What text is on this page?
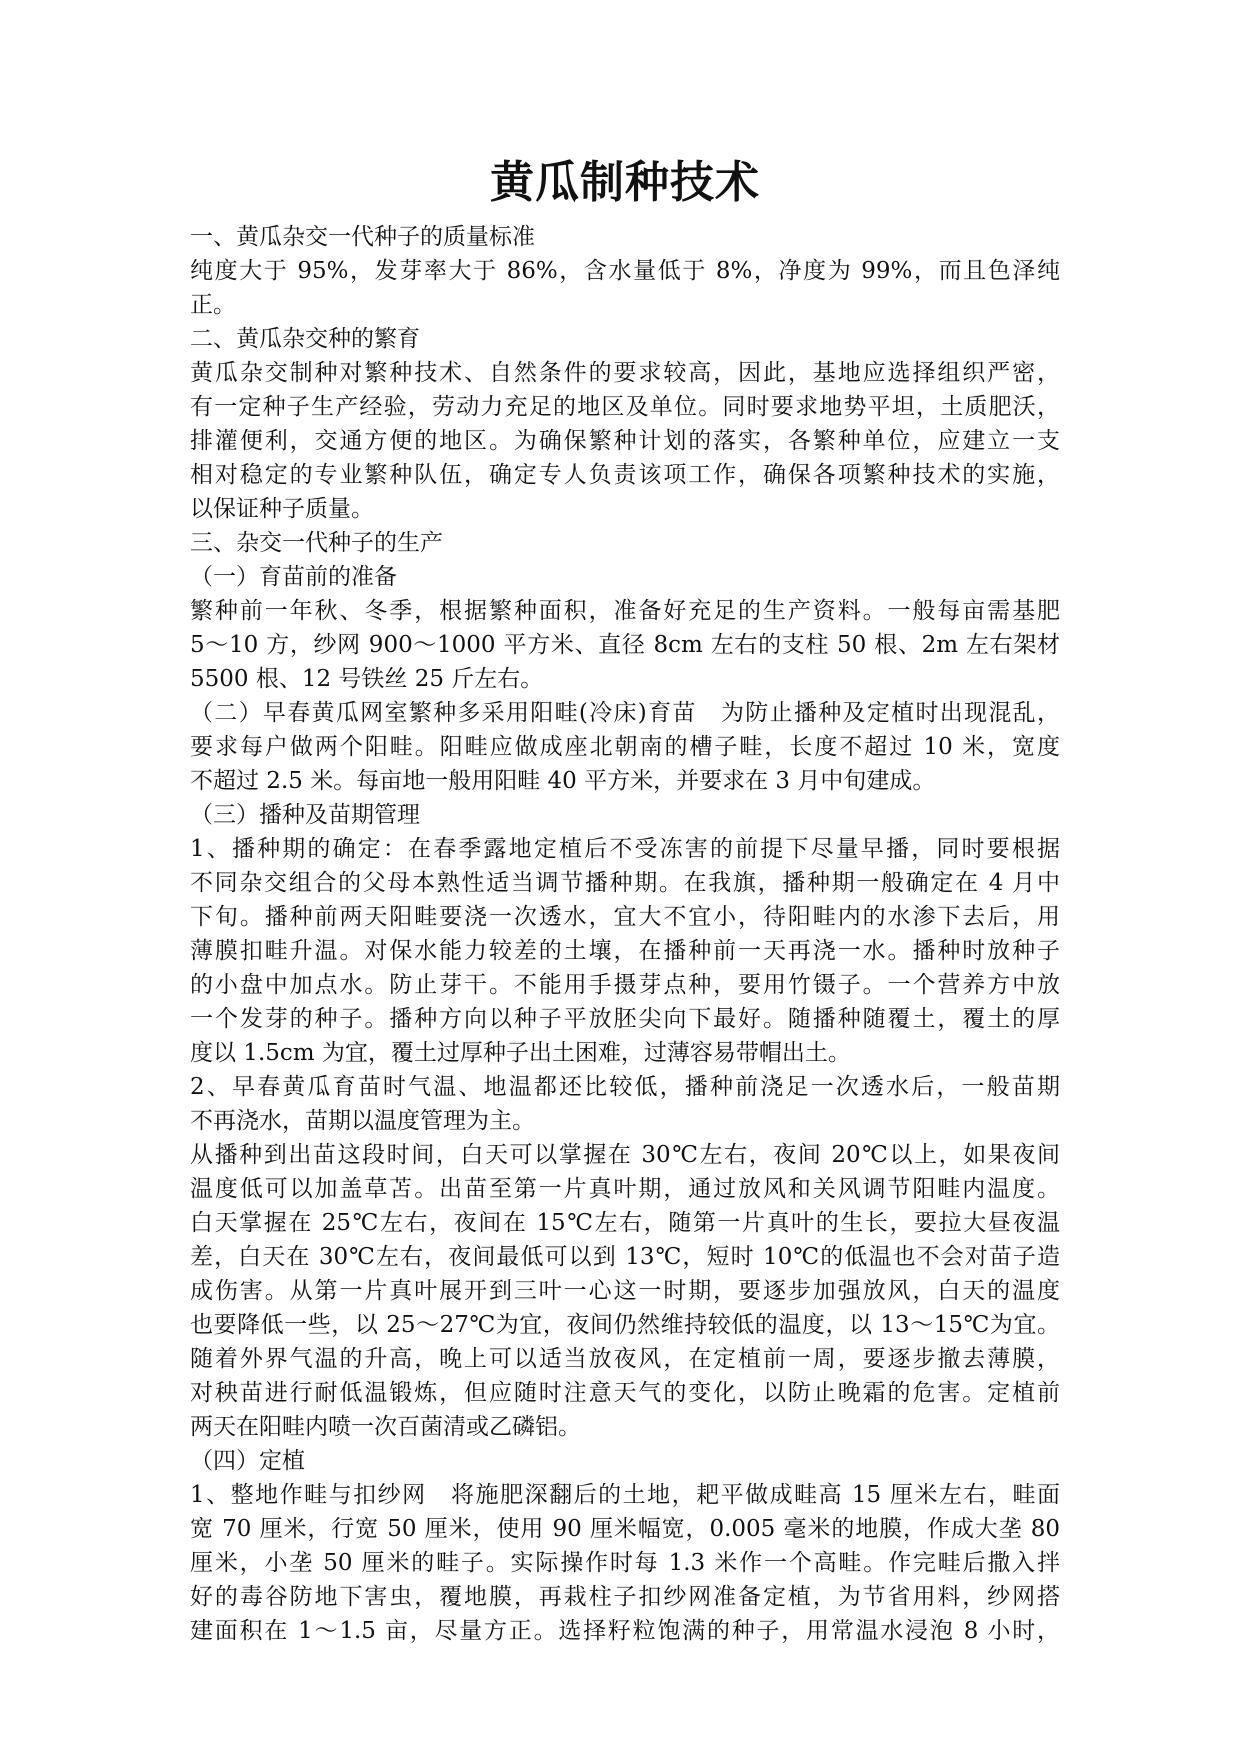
黄瓜制种技术

一、黄瓜杂交一代种子的质量标准

纯度大于 95%，发芽率大于 86%，含水量低于 8%，净度为 99%，而且色泽纯

正。

二、黄瓜杂交种的繁育

黄瓜杂交制种对繁种技术、自然条件的要求较高，因此，基地应选择组织严密，

有一定种子生产经验，劳动力充足的地区及单位。同时要求地势平坦，土质肥沃，

排灌便利，交通方便的地区。为确保繁种计划的落实，各繁种单位，应建立一支

相对稳定的专业繁种队伍，确定专人负责该项工作，确保各项繁种技术的实施，

以保证种子质量。

三、杂交一代种子的生产

（一）育苗前的准备

繁种前一年秋、冬季，根据繁种面积，准备好充足的生产资料。一般每亩需基肥

5～10 方，纱网 900～1000 平方米、直径 8cm 左右的支柱 50 根、2m 左右架材

5500 根、12 号铁丝 25 斤左右。

（二）早春黄瓜网室繁种多采用阳畦(冷床)育苗　为防止播种及定植时出现混乱，

要求每户做两个阳畦。阳畦应做成座北朝南的槽子畦，长度不超过 10 米，宽度

不超过 2.5 米。每亩地一般用阳畦 40 平方米，并要求在 3 月中旬建成。

（三）播种及苗期管理

1、播种期的确定：在春季露地定植后不受冻害的前提下尽量早播，同时要根据

不同杂交组合的父母本熟性适当调节播种期。在我旗，播种期一般确定在 4 月中

下旬。播种前两天阳畦要浇一次透水，宜大不宜小，待阳畦内的水渗下去后，用

薄膜扣畦升温。对保水能力较差的土壤，在播种前一天再浇一水。播种时放种子

的小盘中加点水。防止芽干。不能用手摄芽点种，要用竹镊子。一个营养方中放

一个发芽的种子。播种方向以种子平放胚尖向下最好。随播种随覆土，覆土的厚

度以 1.5cm 为宜，覆土过厚种子出土困难，过薄容易带帽出土。

2、早春黄瓜育苗时气温、地温都还比较低，播种前浇足一次透水后，一般苗期

不再浇水，苗期以温度管理为主。

从播种到出苗这段时间，白天可以掌握在 30℃左右，夜间 20℃以上，如果夜间

温度低可以加盖草苫。出苗至第一片真叶期，通过放风和关风调节阳畦内温度。

白天掌握在 25℃左右，夜间在 15℃左右，随第一片真叶的生长，要拉大昼夜温

差，白天在 30℃左右，夜间最低可以到 13℃，短时 10℃的低温也不会对苗子造

成伤害。从第一片真叶展开到三叶一心这一时期，要逐步加强放风，白天的温度

也要降低一些，以 25～27℃为宜，夜间仍然维持较低的温度，以 13～15℃为宜。

随着外界气温的升高，晚上可以适当放夜风，在定植前一周，要逐步撤去薄膜，

对秧苗进行耐低温锻炼，但应随时注意天气的变化，以防止晚霜的危害。定植前

两天在阳畦内喷一次百菌清或乙磷铝。

（四）定植

1、整地作畦与扣纱网　将施肥深翻后的土地，耙平做成畦高 15 厘米左右，畦面

宽 70 厘米，行宽 50 厘米，使用 90 厘米幅宽，0.005 毫米的地膜，作成大垄 80

厘米，小垄 50 厘米的畦子。实际操作时每 1.3 米作一个高畦。作完畦后撒入拌

好的毒谷防地下害虫，覆地膜，再栽柱子扣纱网准备定植，为节省用料，纱网搭

建面积在 1～1.5 亩，尽量方正。选择籽粒饱满的种子，用常温水浸泡 8 小时，
